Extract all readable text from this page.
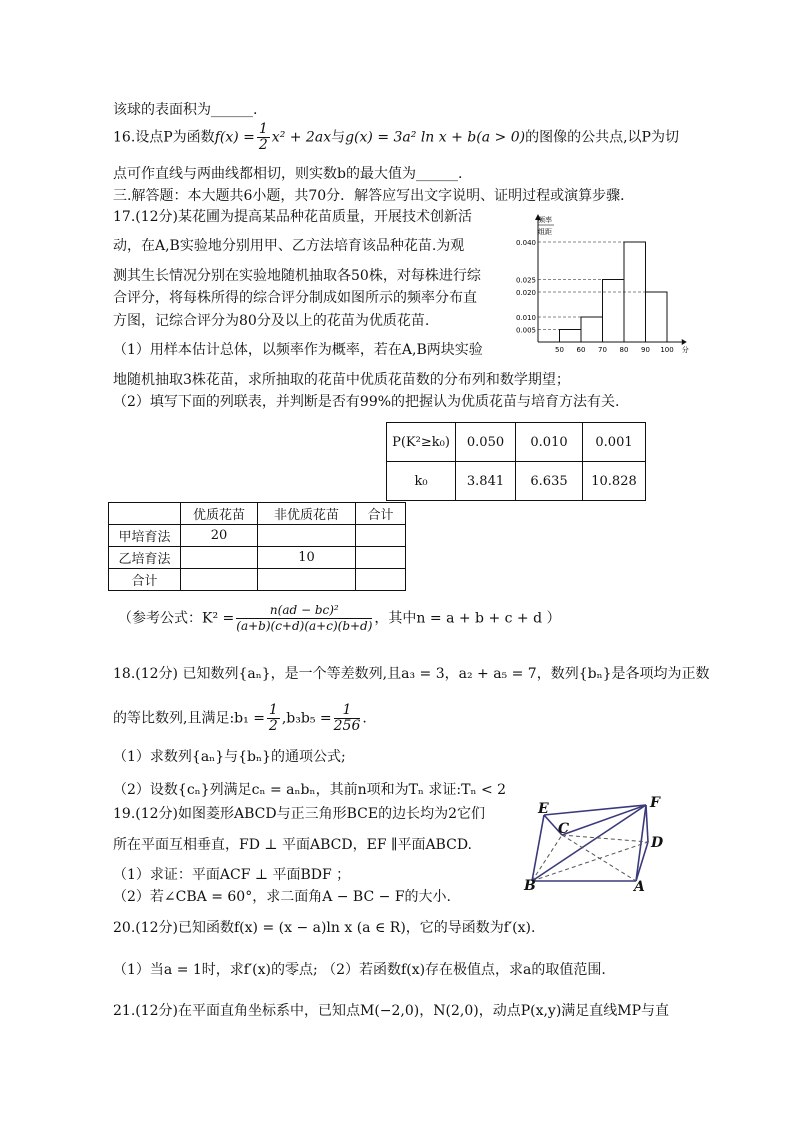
该球的表面积为______.
16.设点P为函数$f(x) = \frac{1}{2} x^2 + 2ax$与g(x) = 3a² ln x + b(a > 0)的图像的公共点,以P为切
点可作直线与两曲线都相切，则实数b的最大值为______.
三.解答题：本大题共6小题，共70分．解答应写出文字说明、证明过程或演算步骤．
17.(12分)某花圃为提高某品种花苗质量，开展技术创新活
动，在A,B实验地分别用甲、乙方法培育该品种花苗.为观
测其生长情况分别在实验地随机抽取各50株，对每株进行综
合评分，将每株所得的综合评分制成如图所示的频率分布直
方图，记综合评分为80分及以上的花苗为优质花苗.
（1）用样本估计总体，以频率作为概率，若在A,B两块实验
地随机抽取3株花苗，求所抽取的花苗中优质花苗数的分布列和数学期望；
（2）填写下面的列联表，并判断是否有99%的把握认为优质花苗与培育方法有关.
频率
组距
0.040
0.025
0.020
0.010
0.005
50 60 70 80 90 100 分
P(K²≥k₀)	0.050	0.010	0.001
k₀	3.841	6.635	10.828
	优质花苗	非优质花苗	合计
甲培育法	20		
乙培育法		10	
合计			
（参考公式：$K^2 = \frac{\text{n(ad − bc)²}}{(a+b)(c+d)(a+c)(b+d)}$ ，其中n = a + b + c + d ）
18.(12分) 已知数列{aₙ}，是一个等差数列,且a₃ = 3，a₂ + a₅ = 7，数列{bₙ}是各项均为正数
的等比数列,且满足:b₁ = $\frac{1}{2} ,b_3b_5 = \frac{1}{256}$ .
（1）求数列{aₙ}与{bₙ}的通项公式;
（2）设数{cₙ}列满足cₙ = aₙbₙ，其前n项和为Tₙ 求证:Tₙ < 2
19.(12分)如图菱形ABCD与正三角形BCE的边长均为2它们
所在平面互相垂直，FD ⊥ 平面ABCD，EF ∥平面ABCD.
（1）求证：平面ACF ⊥ 平面BDF ；
（2）若∠CBA = 60°，求二面角A − BC − F的大小.
E
C
F
D
B	A
20.(12分)已知函数f(x) = (x − a)ln x (a ∈ R)，它的导函数为f′(x).
（1）当a = 1时，求f′(x)的零点; （2）若函数f(x)存在极值点，求a的取值范围.
21.(12分)在平面直角坐标系中，已知点M(−2,0)，N(2,0)，动点P(x,y)满足直线MP与直
